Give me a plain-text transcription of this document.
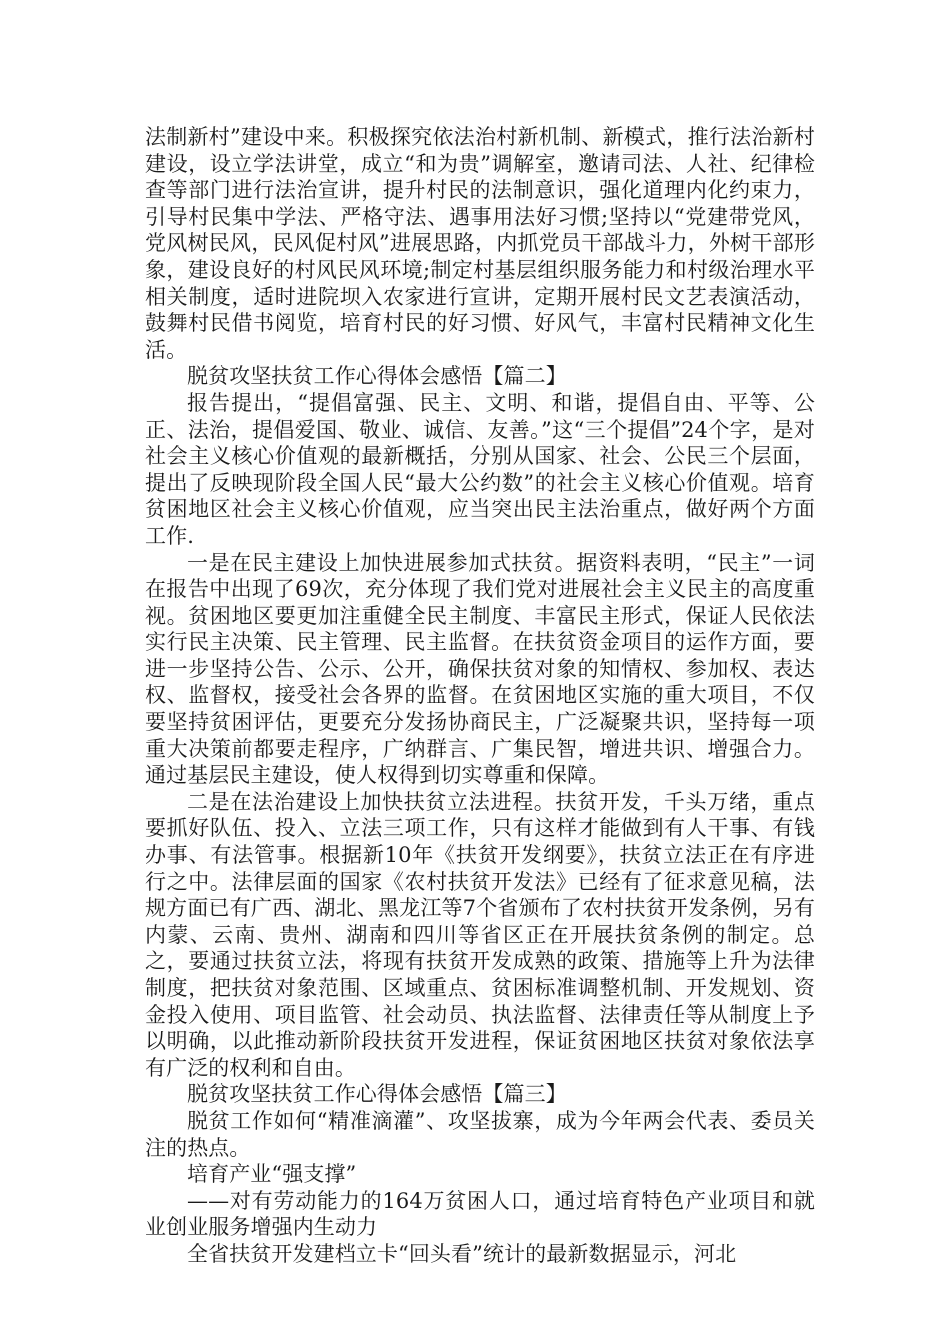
法制新村”建设中来。积极探究依法治村新机制、新模式，推行法治新村建设，设立学法讲堂，成立“和为贵”调解室，邀请司法、人社、纪律检查等部门进行法治宣讲，提升村民的法制意识，强化道理内化约束力，引导村民集中学法、严格守法、遇事用法好习惯;坚持以“党建带党风，党风树民风，民风促村风”进展思路，内抓党员干部战斗力，外树干部形象，建设良好的村风民风环境;制定村基层组织服务能力和村级治理水平相关制度，适时进院坝入农家进行宣讲，定期开展村民文艺表演活动，鼓舞村民借书阅览，培育村民的好习惯、好风气，丰富村民精神文化生活。

脱贫攻坚扶贫工作心得体会感悟【篇二】

报告提出，“提倡富强、民主、文明、和谐，提倡自由、平等、公正、法治，提倡爱国、敬业、诚信、友善。”这“三个提倡”24个字，是对社会主义核心价值观的最新概括，分别从国家、社会、公民三个层面，提出了反映现阶段全国人民“最大公约数”的社会主义核心价值观。培育贫困地区社会主义核心价值观，应当突出民主法治重点，做好两个方面工作.

一是在民主建设上加快进展参加式扶贫。据资料表明，“民主”一词在报告中出现了69次，充分体现了我们党对进展社会主义民主的高度重视。贫困地区要更加注重健全民主制度、丰富民主形式，保证人民依法实行民主决策、民主管理、民主监督。在扶贫资金项目的运作方面，要进一步坚持公告、公示、公开，确保扶贫对象的知情权、参加权、表达权、监督权，接受社会各界的监督。在贫困地区实施的重大项目，不仅要坚持贫困评估，更要充分发扬协商民主，广泛凝聚共识，坚持每一项重大决策前都要走程序，广纳群言、广集民智，增进共识、增强合力。通过基层民主建设，使人权得到切实尊重和保障。

二是在法治建设上加快扶贫立法进程。扶贫开发，千头万绪，重点要抓好队伍、投入、立法三项工作，只有这样才能做到有人干事、有钱办事、有法管事。根据新10年《扶贫开发纲要》，扶贫立法正在有序进行之中。法律层面的国家《农村扶贫开发法》已经有了征求意见稿，法规方面已有广西、湖北、黑龙江等7个省颁布了农村扶贫开发条例，另有内蒙、云南、贵州、湖南和四川等省区正在开展扶贫条例的制定。总之，要通过扶贫立法，将现有扶贫开发成熟的政策、措施等上升为法律制度，把扶贫对象范围、区域重点、贫困标准调整机制、开发规划、资金投入使用、项目监管、社会动员、执法监督、法律责任等从制度上予以明确，以此推动新阶段扶贫开发进程，保证贫困地区扶贫对象依法享有广泛的权利和自由。

脱贫攻坚扶贫工作心得体会感悟【篇三】

脱贫工作如何“精准滴灌”、攻坚拔寨，成为今年两会代表、委员关注的热点。

培育产业“强支撑”

——对有劳动能力的164万贫困人口，通过培育特色产业项目和就业创业服务增强内生动力

全省扶贫开发建档立卡“回头看”统计的最新数据显示，河北
